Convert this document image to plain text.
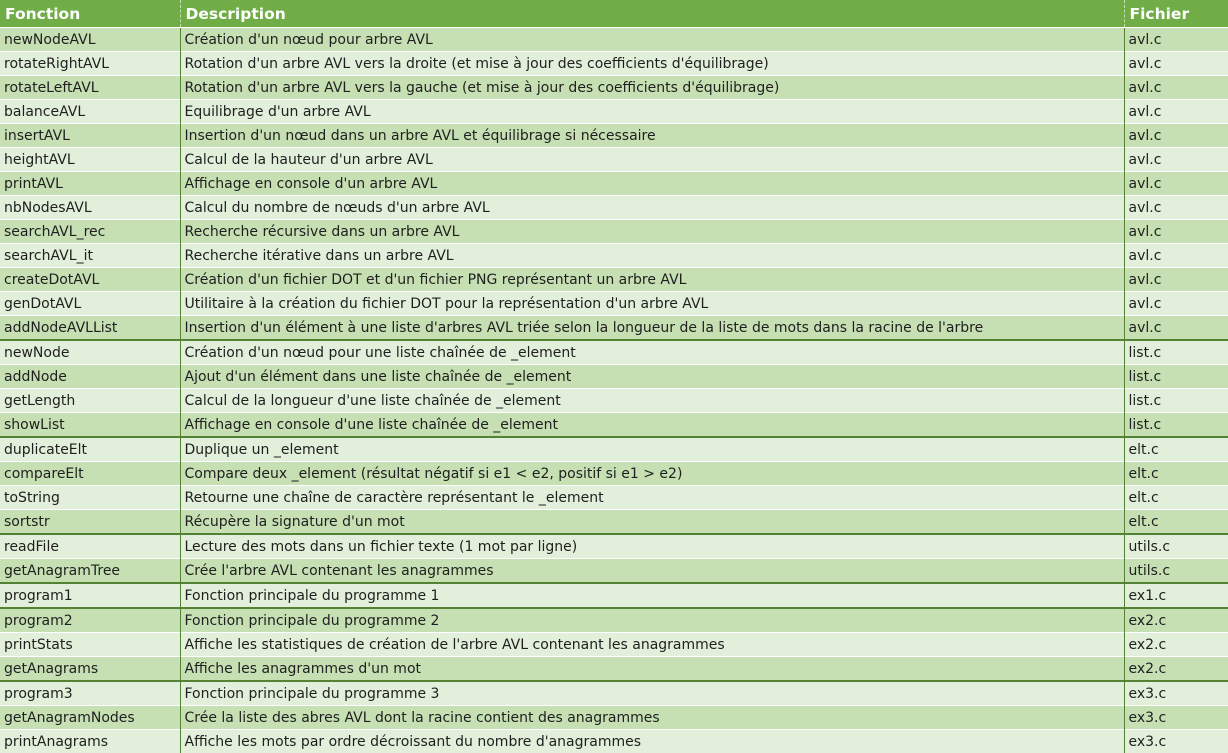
Fonction	Description	Fichier
newNodeAVL	Création d'un nœud pour arbre AVL	avl.c
rotateRightAVL	Rotation d'un arbre AVL vers la droite (et mise à jour des coefficients d'équilibrage)	avl.c
rotateLeftAVL	Rotation d'un arbre AVL vers la gauche (et mise à jour des coefficients d'équilibrage)	avl.c
balanceAVL	Equilibrage d'un arbre AVL	avl.c
insertAVL	Insertion d'un nœud dans un arbre AVL et équilibrage si nécessaire	avl.c
heightAVL	Calcul de la hauteur d'un arbre AVL	avl.c
printAVL	Affichage en console d'un arbre AVL	avl.c
nbNodesAVL	Calcul du nombre de nœuds d'un arbre AVL	avl.c
searchAVL_rec	Recherche récursive dans un arbre AVL	avl.c
searchAVL_it	Recherche itérative dans un arbre AVL	avl.c
createDotAVL	Création d'un fichier DOT et d'un fichier PNG représentant un arbre AVL	avl.c
genDotAVL	Utilitaire à la création du fichier DOT pour la représentation d'un arbre AVL	avl.c
addNodeAVLList	Insertion d'un élément à une liste d'arbres AVL triée selon la longueur de la liste de mots dans la racine de l'arbre	avl.c
newNode	Création d'un nœud pour une liste chaînée de _element	list.c
addNode	Ajout d'un élément dans une liste chaînée de _element	list.c
getLength	Calcul de la longueur d'une liste chaînée de _element	list.c
showList	Affichage en console d'une liste chaînée de _element	list.c
duplicateElt	Duplique un _element	elt.c
compareElt	Compare deux _element (résultat négatif si e1 < e2, positif si e1 > e2)	elt.c
toString	Retourne une chaîne de caractère représentant le _element	elt.c
sortstr	Récupère la signature d'un mot	elt.c
readFile	Lecture des mots dans un fichier texte (1 mot par ligne)	utils.c
getAnagramTree	Crée l'arbre AVL contenant les anagrammes	utils.c
program1	Fonction principale du programme 1	ex1.c
program2	Fonction principale du programme 2	ex2.c
printStats	Affiche les statistiques de création de l'arbre AVL contenant les anagrammes	ex2.c
getAnagrams	Affiche les anagrammes d'un mot	ex2.c
program3	Fonction principale du programme 3	ex3.c
getAnagramNodes	Crée la liste des abres AVL dont la racine contient des anagrammes	ex3.c
printAnagrams	Affiche les mots par ordre décroissant du nombre d'anagrammes	ex3.c
